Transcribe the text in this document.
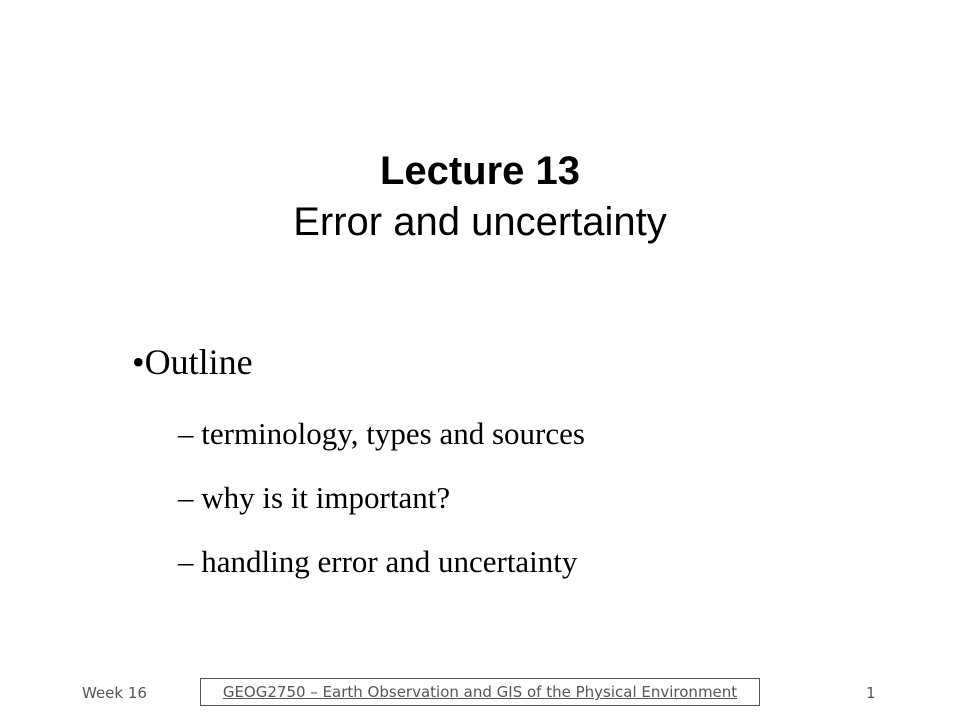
Lecture 13
Error and uncertainty
•Outline
– terminology, types and sources
– why is it important?
– handling error and uncertainty
Week 16	GEOG2750 – Earth Observation and GIS of the Physical Environment	1
